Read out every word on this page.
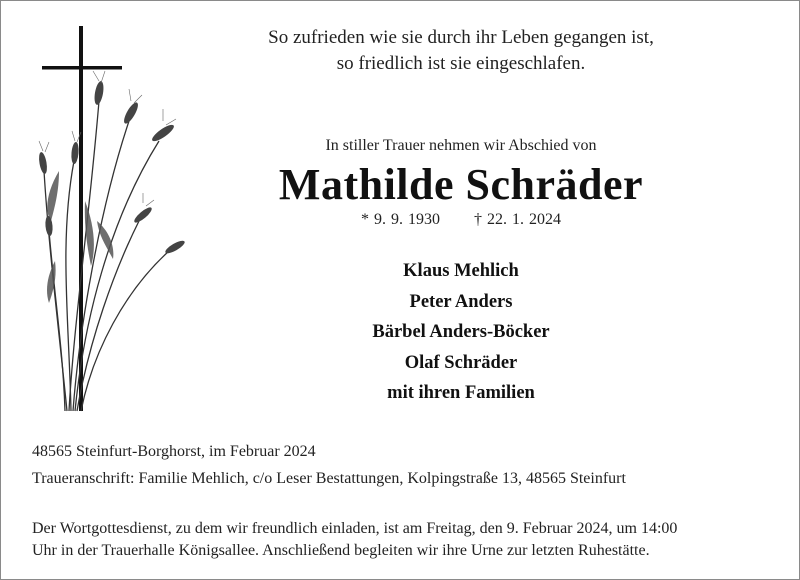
So zufrieden wie sie durch ihr Leben gegangen ist,
so friedlich ist sie eingeschlafen.
In stiller Trauer nehmen wir Abschied von
Mathilde Schräder
* 9. 9. 1930 † 22. 1. 2024
Klaus Mehlich
Peter Anders
Bärbel Anders-Böcker
Olaf Schräder
mit ihren Familien
48565 Steinfurt-Borghorst, im Februar 2024
Traueranschrift: Familie Mehlich, c/o Leser Bestattungen, Kolpingstraße 13, 48565 Steinfurt
Der Wortgottesdienst, zu dem wir freundlich einladen, ist am Freitag, den 9. Februar 2024, um 14:00
Uhr in der Trauerhalle Königsallee. Anschließend begleiten wir ihre Urne zur letzten Ruhestätte.
